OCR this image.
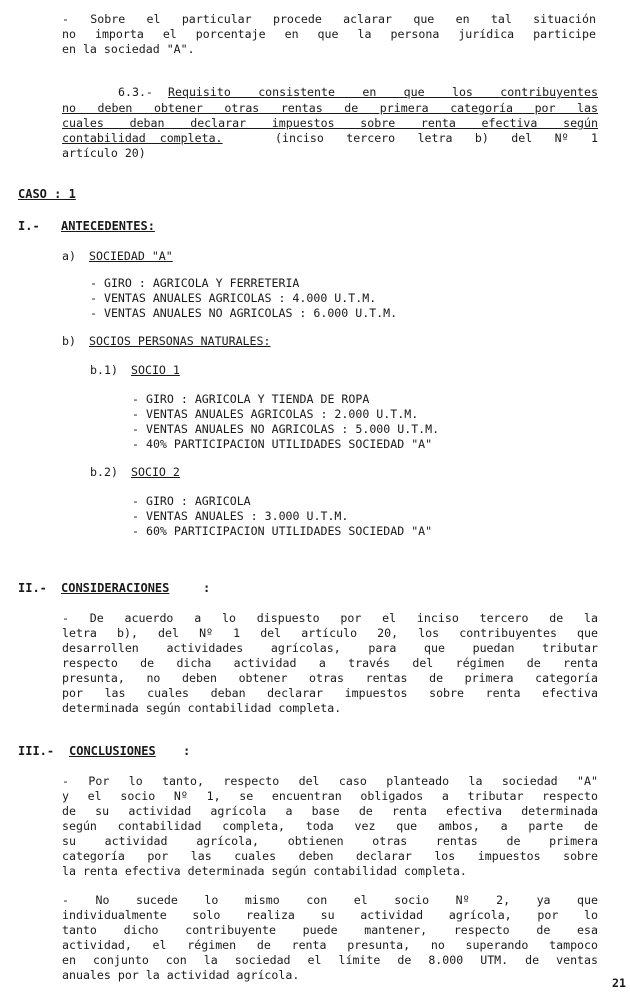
- Sobre el particular procede aclarar que en tal situación
no importa el porcentaje en que la persona jurídica participe
en la sociedad "A".
6.3.- Requisito consistente en que los contribuyentes
no deben obtener otras rentas de primera categoría por las
cuales deban declarar impuestos sobre renta efectiva según
contabilidad  completa.	(inciso tercero letra b) del Nº 1
artículo 20)
CASO : 1
I.- ANTECEDENTES:
a) SOCIEDAD "A"
- GIRO : AGRICOLA Y FERRETERIA
- VENTAS ANUALES AGRICOLAS : 4.000 U.T.M.
- VENTAS ANUALES NO AGRICOLAS : 6.000 U.T.M.
b) SOCIOS PERSONAS NATURALES:
b.1) SOCIO 1
- GIRO : AGRICOLA Y TIENDA DE ROPA
- VENTAS ANUALES AGRICOLAS : 2.000 U.T.M.
- VENTAS ANUALES NO AGRICOLAS : 5.000 U.T.M.
- 40% PARTICIPACION UTILIDADES SOCIEDAD "A"
b.2) SOCIO 2
- GIRO : AGRICOLA
- VENTAS ANUALES : 3.000 U.T.M.
- 60% PARTICIPACION UTILIDADES SOCIEDAD "A"
II.- CONSIDERACIONES	:
- De acuerdo a lo dispuesto por el inciso tercero de la
letra b), del Nº 1 del artículo 20, los contribuyentes que
desarrollen actividades agrícolas, para que puedan tributar
respecto de dicha actividad a través del régimen de renta
presunta, no deben obtener otras rentas de primera categoría
por las cuales deban declarar impuestos sobre renta efectiva
determinada según contabilidad completa.
III.- CONCLUSIONES :
- Por lo tanto, respecto del caso planteado la sociedad "A"
y el socio Nº 1, se encuentran obligados a tributar respecto
de su actividad agrícola a base de renta efectiva determinada
según contabilidad completa, toda vez que ambos, a parte de
su actividad agrícola, obtienen otras rentas de primera
categoría por las cuales deben declarar los impuestos sobre
la renta efectiva determinada según contabilidad completa.
- No sucede lo mismo con el socio Nº 2, ya que
individualmente solo realiza su actividad agrícola, por lo
tanto dicho contribuyente puede mantener, respecto de esa
actividad, el régimen de renta presunta, no superando tampoco
en conjunto con la sociedad el límite de 8.000 UTM. de ventas
anuales por la actividad agrícola.
21
